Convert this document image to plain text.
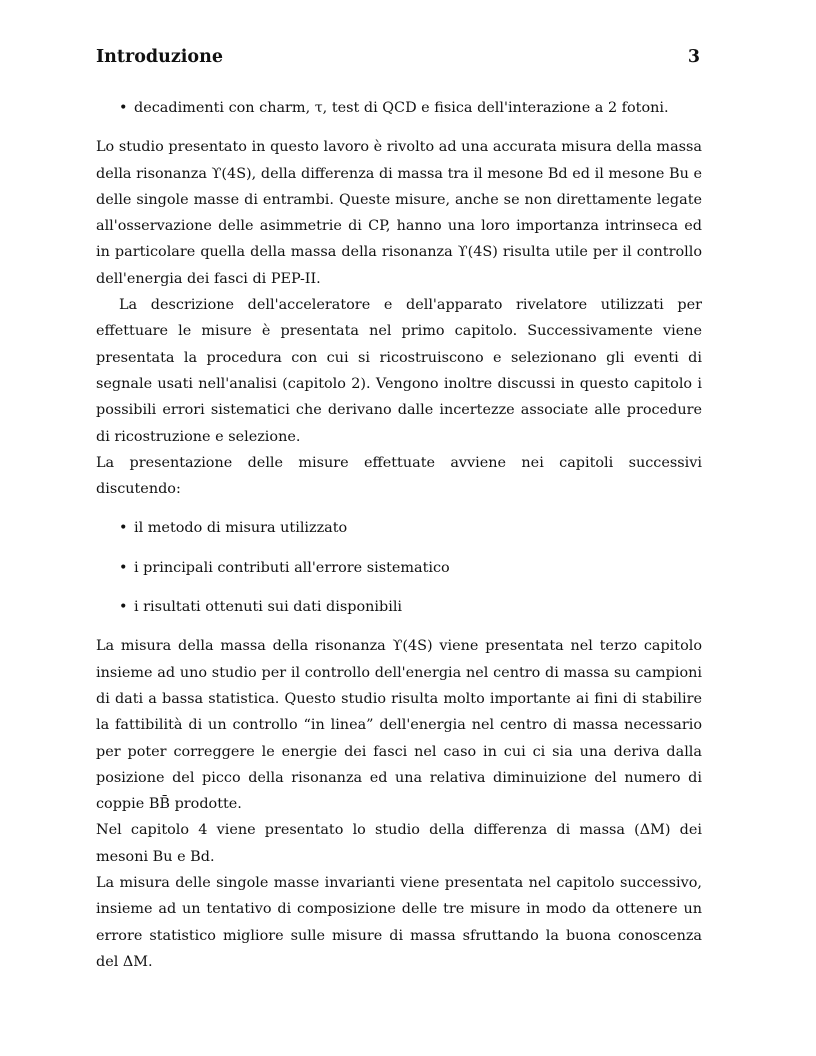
Introduzione	3
• decadimenti con charm, τ, test di QCD e fisica dell'interazione a 2 fotoni.

Lo studio presentato in questo lavoro è rivolto ad una accurata misura della massa della risonanza ϒ(4S), della differenza di massa tra il mesone Bd ed il mesone Bu e delle singole masse di entrambi. Queste misure, anche se non direttamente legate all'osservazione delle asimmetrie di CP, hanno una loro importanza intrinseca ed in particolare quella della massa della risonanza ϒ(4S) risulta utile per il controllo dell'energia dei fasci di PEP-II.

La descrizione dell'acceleratore e dell'apparato rivelatore utilizzati per effettuare le misure è presentata nel primo capitolo. Successivamente viene presentata la procedura con cui si ricostruiscono e selezionano gli eventi di segnale usati nell'analisi (capitolo 2). Vengono inoltre discussi in questo capitolo i possibili errori sistematici che derivano dalle incertezze associate alle procedure di ricostruzione e selezione.

La presentazione delle misure effettuate avviene nei capitoli successivi discutendo:

• il metodo di misura utilizzato
• i principali contributi all'errore sistematico
• i risultati ottenuti sui dati disponibili

La misura della massa della risonanza ϒ(4S) viene presentata nel terzo capitolo insieme ad uno studio per il controllo dell'energia nel centro di massa su campioni di dati a bassa statistica. Questo studio risulta molto importante ai fini di stabilire la fattibilità di un controllo “in linea” dell'energia nel centro di massa necessario per poter correggere le energie dei fasci nel caso in cui ci sia una deriva dalla posizione del picco della risonanza ed una relativa diminuizione del numero di coppie BB̄ prodotte.

Nel capitolo 4 viene presentato lo studio della differenza di massa (ΔM) dei mesoni Bu e Bd.

La misura delle singole masse invarianti viene presentata nel capitolo successivo, insieme ad un tentativo di composizione delle tre misure in modo da ottenere un errore statistico migliore sulle misure di massa sfruttando la buona conoscenza del ΔM.
